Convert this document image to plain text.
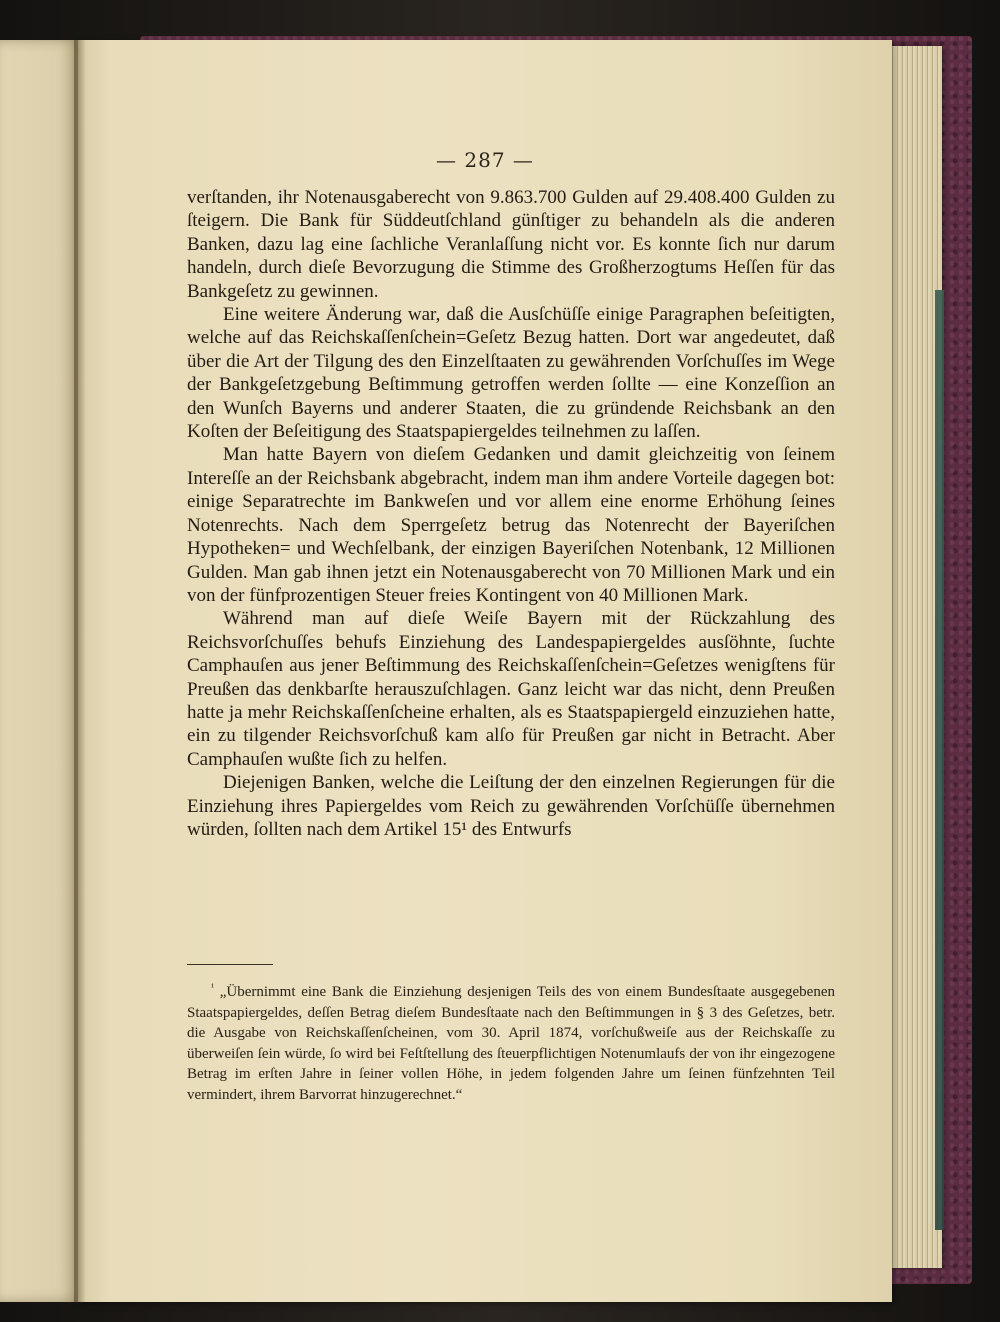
— 287 —

verſtanden, ihr Notenausgaberecht von 9.863.700 Gulden auf 29.408.400 Gulden zu ſteigern. Die Bank für Süddeutſchland günſtiger zu behandeln als die anderen Banken, dazu lag eine ſachliche Veranlaſſung nicht vor. Es konnte ſich nur darum handeln, durch dieſe Bevorzugung die Stimme des Großherzogtums Heſſen für das Bankgeſetz zu gewinnen.

Eine weitere Änderung war, daß die Ausſchüſſe einige Paragraphen beſeitigten, welche auf das Reichskaſſenſchein=Geſetz Bezug hatten. Dort war angedeutet, daß über die Art der Tilgung des den Einzelſtaaten zu gewährenden Vorſchuſſes im Wege der Bankgeſetzgebung Beſtimmung getroffen werden ſollte — eine Konzeſſion an den Wunſch Bayerns und anderer Staaten, die zu gründende Reichsbank an den Koſten der Beſeitigung des Staatspapiergeldes teilnehmen zu laſſen.

Man hatte Bayern von dieſem Gedanken und damit gleichzeitig von ſeinem Intereſſe an der Reichsbank abgebracht, indem man ihm andere Vorteile dagegen bot: einige Separatrechte im Bankweſen und vor allem eine enorme Erhöhung ſeines Notenrechts. Nach dem Sperrgeſetz betrug das Notenrecht der Bayeriſchen Hypotheken= und Wechſelbank, der einzigen Bayeriſchen Notenbank, 12 Millionen Gulden. Man gab ihnen jetzt ein Notenausgaberecht von 70 Millionen Mark und ein von der fünfprozentigen Steuer freies Kontingent von 40 Millionen Mark.

Während man auf dieſe Weiſe Bayern mit der Rückzahlung des Reichsvorſchuſſes behufs Einziehung des Landespapiergeldes ausſöhnte, ſuchte Camphauſen aus jener Beſtimmung des Reichskaſſenſchein=Geſetzes wenigſtens für Preußen das denkbarſte herauszuſchlagen. Ganz leicht war das nicht, denn Preußen hatte ja mehr Reichskaſſenſcheine erhalten, als es Staatspapiergeld einzuziehen hatte, ein zu tilgender Reichsvorſchuß kam alſo für Preußen gar nicht in Betracht. Aber Camphauſen wußte ſich zu helfen.

Diejenigen Banken, welche die Leiſtung der den einzelnen Regierungen für die Einziehung ihres Papiergeldes vom Reich zu gewährenden Vorſchüſſe übernehmen würden, ſollten nach dem Artikel 15¹ des Entwurfs

$^{^1}$ „Übernimmt eine Bank die Einziehung desjenigen Teils des von einem Bundesſtaate ausgegebenen Staatspapiergeldes, deſſen Betrag dieſem Bundesſtaate nach den Beſtimmungen in § 3 des Geſetzes, betr. die Ausgabe von Reichskaſſenſcheinen, vom 30. April 1874, vorſchußweiſe aus der Reichskaſſe zu überweiſen ſein würde, ſo wird bei Feſtſtellung des ſteuerpflichtigen Notenumlaufs der von ihr eingezogene Betrag im erſten Jahre in ſeiner vollen Höhe, in jedem folgenden Jahre um ſeinen fünfzehnten Teil vermindert, ihrem Barvorrat hinzugerechnet.“
